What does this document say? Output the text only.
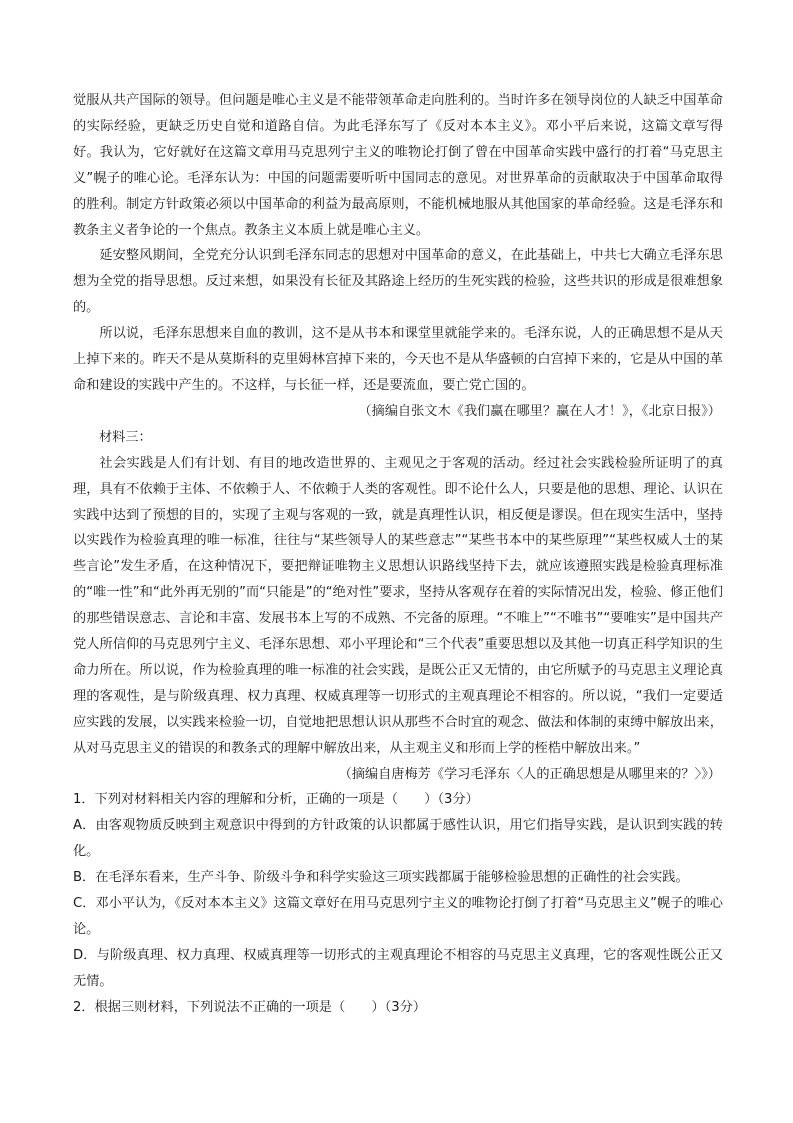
觉服从共产国际的领导。但问题是唯心主义是不能带领革命走向胜利的。当时许多在领导岗位的人缺乏中国革命的实际经验，更缺乏历史自觉和道路自信。为此毛泽东写了《反对本本主义》。邓小平后来说，这篇文章写得好。我认为，它好就好在这篇文章用马克思列宁主义的唯物论打倒了曾在中国革命实践中盛行的打着“马克思主义”幌子的唯心论。毛泽东认为：中国的问题需要听听中国同志的意见。对世界革命的贡献取决于中国革命取得的胜利。制定方针政策必须以中国革命的利益为最高原则，不能机械地服从其他国家的革命经验。这是毛泽东和教条主义者争论的一个焦点。教条主义本质上就是唯心主义。

延安整风期间，全党充分认识到毛泽东同志的思想对中国革命的意义，在此基础上，中共七大确立毛泽东思想为全党的指导思想。反过来想，如果没有长征及其路途上经历的生死实践的检验，这些共识的形成是很难想象的。

所以说，毛泽东思想来自血的教训，这不是从书本和课堂里就能学来的。毛泽东说，人的正确思想不是从天上掉下来的。昨天不是从莫斯科的克里姆林宫掉下来的，今天也不是从华盛顿的白宫掉下来的，它是从中国的革命和建设的实践中产生的。不这样，与长征一样，还是要流血，要亡党亡国的。

（摘编自张文木《我们赢在哪里？赢在人才！》，《北京日报》）

材料三：

社会实践是人们有计划、有目的地改造世界的、主观见之于客观的活动。经过社会实践检验所证明了的真理，具有不依赖于主体、不依赖于人、不依赖于人类的客观性。即不论什么人，只要是他的思想、理论、认识在实践中达到了预想的目的，实现了主观与客观的一致，就是真理性认识，相反便是谬误。但在现实生活中，坚持以实践作为检验真理的唯一标准，往往与“某些领导人的某些意志”“某些书本中的某些原理”“某些权威人士的某些言论”发生矛盾，在这种情况下，要把辩证唯物主义思想认识路线坚持下去，就应该遵照实践是检验真理标准的“唯一性”和“此外再无别的”而“只能是”的“绝对性”要求，坚持从客观存在着的实际情况出发，检验、修正他们的那些错误意志、言论和丰富、发展书本上写的不成熟、不完备的原理。“不唯上”“不唯书”“要唯实”是中国共产党人所信仰的马克思列宁主义、毛泽东思想、邓小平理论和“三个代表”重要思想以及其他一切真正科学知识的生命力所在。所以说，作为检验真理的唯一标准的社会实践，是既公正又无情的，由它所赋予的马克思主义理论真理的客观性，是与阶级真理、权力真理、权威真理等一切形式的主观真理论不相容的。所以说，“我们一定要适应实践的发展，以实践来检验一切，自觉地把思想认识从那些不合时宜的观念、做法和体制的束缚中解放出来，从对马克思主义的错误的和教条式的理解中解放出来，从主观主义和形而上学的桎梏中解放出来。”

（摘编自唐梅芳《学习毛泽东〈人的正确思想是从哪里来的？〉》）

1．下列对材料相关内容的理解和分析，正确的一项是（　　）（3分）

A．由客观物质反映到主观意识中得到的方针政策的认识都属于感性认识，用它们指导实践，是认识到实践的转化。

B．在毛泽东看来，生产斗争、阶级斗争和科学实验这三项实践都属于能够检验思想的正确性的社会实践。

C．邓小平认为，《反对本本主义》这篇文章好在用马克思列宁主义的唯物论打倒了打着“马克思主义”幌子的唯心论。

D．与阶级真理、权力真理、权威真理等一切形式的主观真理论不相容的马克思主义真理，它的客观性既公正又无情。

2．根据三则材料，下列说法不正确的一项是（　　）（3分）
